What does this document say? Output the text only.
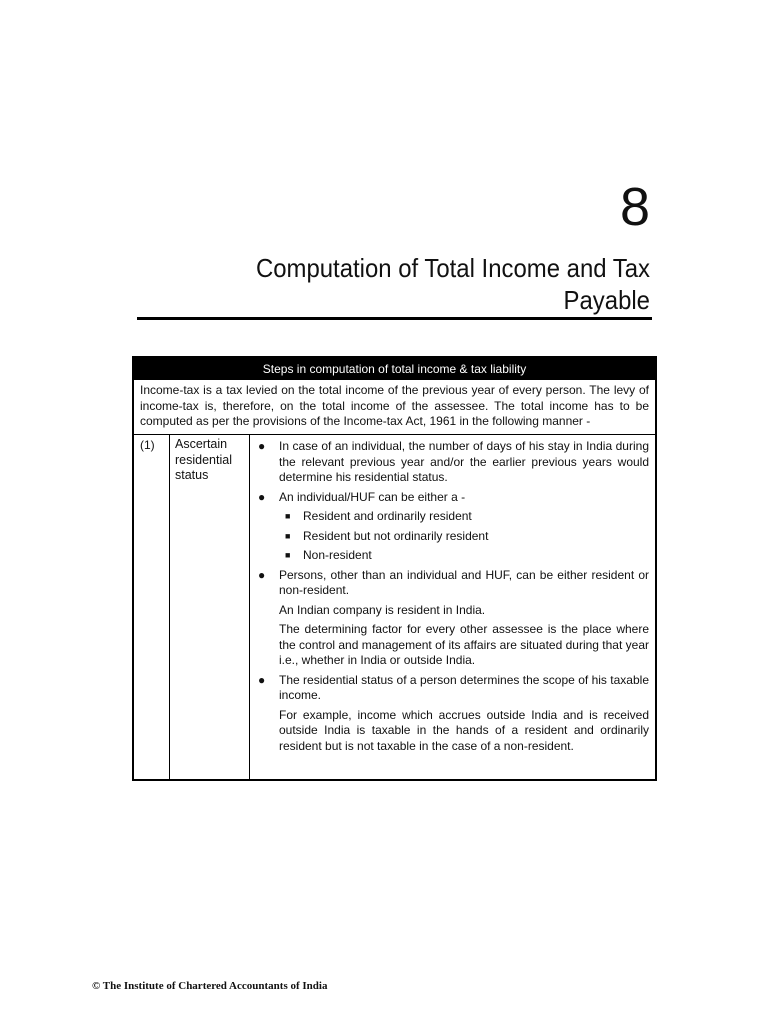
8
Computation of Total Income and Tax
Payable
Steps in computation of total income & tax liability
Income-tax is a tax levied on the total income of the previous year of every person. The levy of income-tax is, therefore, on the total income of the assessee. The total income has to be computed as per the provisions of the Income-tax Act, 1961 in the following manner -
(1)	Ascertain residential status
● In case of an individual, the number of days of his stay in India during the relevant previous year and/or the earlier previous years would determine his residential status.
● An individual/HUF can be either a -
■ Resident and ordinarily resident
■ Resident but not ordinarily resident
■ Non-resident
● Persons, other than an individual and HUF, can be either resident or non-resident.
An Indian company is resident in India.
The determining factor for every other assessee is the place where the control and management of its affairs are situated during that year i.e., whether in India or outside India.
● The residential status of a person determines the scope of his taxable income.
For example, income which accrues outside India and is received outside India is taxable in the hands of a resident and ordinarily resident but is not taxable in the case of a non-resident.
© The Institute of Chartered Accountants of India
